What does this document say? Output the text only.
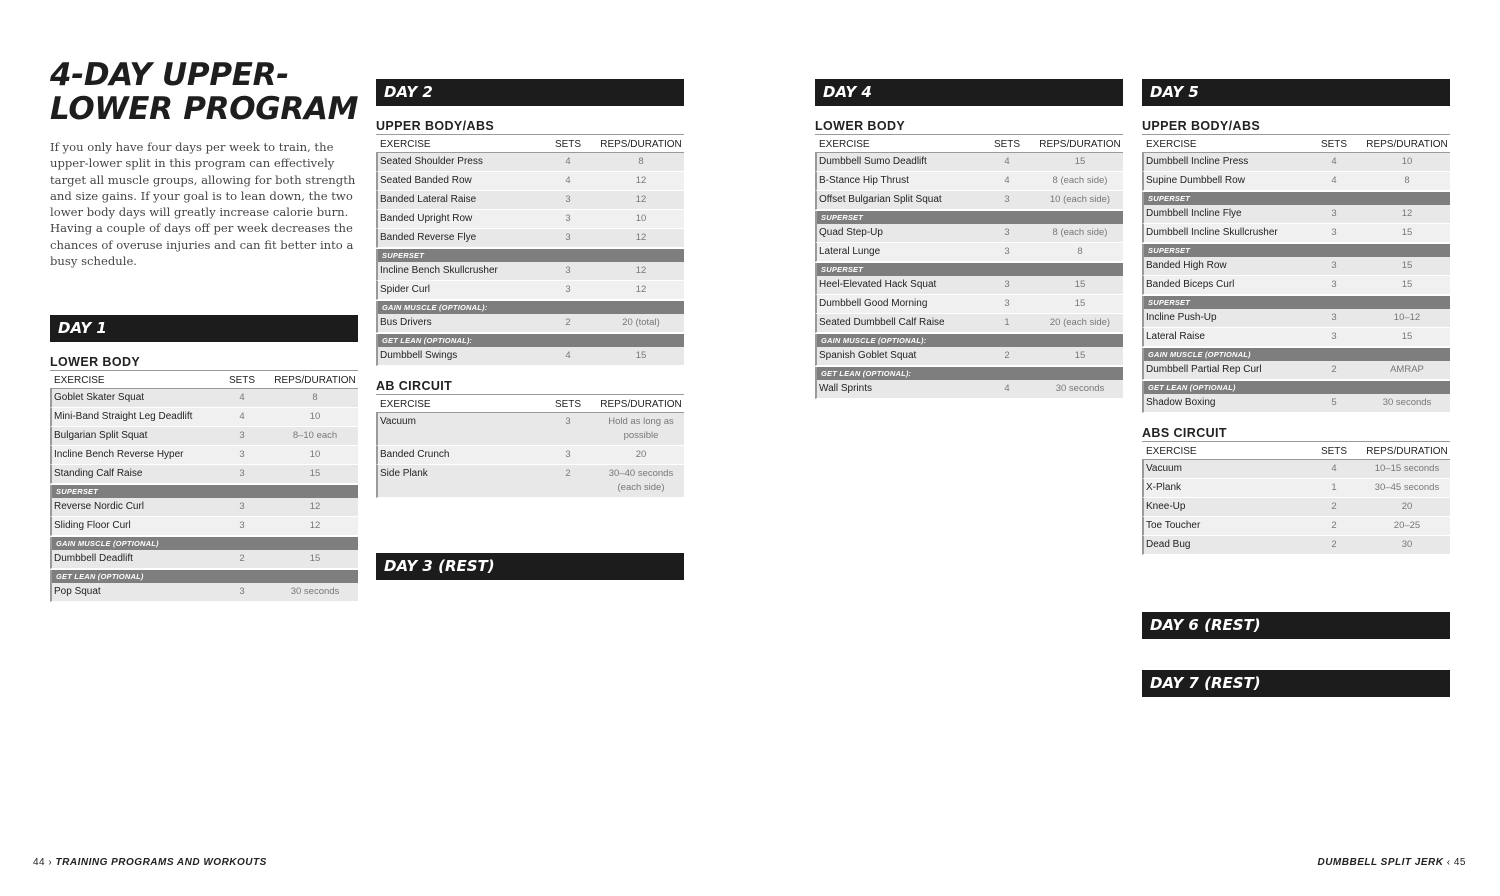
4-DAY UPPER-
LOWER PROGRAM

If you only have four days per week to train, the upper-lower split in this program can effectively target all muscle groups, allowing for both strength and size gains. If your goal is to lean down, the two lower body days will greatly increase calorie burn. Having a couple of days off per week decreases the chances of overuse injuries and can fit better into a busy schedule.

DAY 1
LOWER BODY
EXERCISE	SETS	REPS/DURATION
Goblet Skater Squat	4	8
Mini-Band Straight Leg Deadlift	4	10
Bulgarian Split Squat	3	8–10 each
Incline Bench Reverse Hyper	3	10
Standing Calf Raise	3	15
SUPERSET
Reverse Nordic Curl	3	12
Sliding Floor Curl	3	12
GAIN MUSCLE (OPTIONAL)
Dumbbell Deadlift	2	15
GET LEAN (OPTIONAL)
Pop Squat	3	30 seconds
DAY 2
UPPER BODY/ABS
EXERCISE	SETS	REPS/DURATION
Seated Shoulder Press	4	8
Seated Banded Row	4	12
Banded Lateral Raise	3	12
Banded Upright Row	3	10
Banded Reverse Flye	3	12
SUPERSET
Incline Bench Skullcrusher	3	12
Spider Curl	3	12
GAIN MUSCLE (OPTIONAL):
Bus Drivers	2	20 (total)
GET LEAN (OPTIONAL):
Dumbbell Swings	4	15
AB CIRCUIT
EXERCISE	SETS	REPS/DURATION
Vacuum	3	Hold as long as possible
Banded Crunch	3	20
Side Plank	2	30–40 seconds (each side)
DAY 3 (REST)
DAY 4
LOWER BODY
EXERCISE	SETS	REPS/DURATION
Dumbbell Sumo Deadlift	4	15
B-Stance Hip Thrust	4	8 (each side)
Offset Bulgarian Split Squat	3	10 (each side)
SUPERSET
Quad Step-Up	3	8 (each side)
Lateral Lunge	3	8
SUPERSET
Heel-Elevated Hack Squat	3	15
Dumbbell Good Morning	3	15
Seated Dumbbell Calf Raise	1	20 (each side)
GAIN MUSCLE (OPTIONAL):
Spanish Goblet Squat	2	15
GET LEAN (OPTIONAL):
Wall Sprints	4	30 seconds
DAY 5
UPPER BODY/ABS
EXERCISE	SETS	REPS/DURATION
Dumbbell Incline Press	4	10
Supine Dumbbell Row	4	8
SUPERSET
Dumbbell Incline Flye	3	12
Dumbbell Incline Skullcrusher	3	15
SUPERSET
Banded High Row	3	15
Banded Biceps Curl	3	15
SUPERSET
Incline Push-Up	3	10–12
Lateral Raise	3	15
GAIN MUSCLE (OPTIONAL)
Dumbbell Partial Rep Curl	2	AMRAP
GET LEAN (OPTIONAL)
Shadow Boxing	5	30 seconds
ABS CIRCUIT
EXERCISE	SETS	REPS/DURATION
Vacuum	4	10–15 seconds
X-Plank	1	30–45 seconds
Knee-Up	2	20
Toe Toucher	2	20–25
Dead Bug	2	30
DAY 6 (REST)
DAY 7 (REST)
44 › TRAINING PROGRAMS AND WORKOUTS	DUMBBELL SPLIT JERK ‹ 45
